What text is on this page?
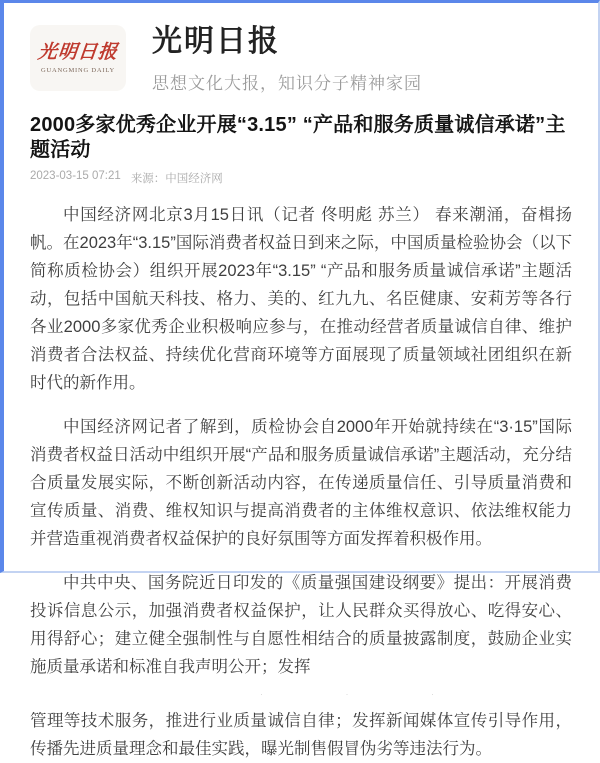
光明日报
GUANGMING DAILY
光明日报
思想文化大报，知识分子精神家园
2000多家优秀企业开展“3.15” “产品和服务质量诚信承诺”主题活动
2023-03-15 07:21 来源：中国经济网

中国经济网北京3月15日讯（记者 佟明彪 苏兰） 春来潮涌，奋楫扬帆。在2023年“3.15”国际消费者权益日到来之际，中国质量检验协会（以下简称质检协会）组织开展2023年“3.15” “产品和服务质量诚信承诺”主题活动，包括中国航天科技、格力、美的、红九九、名臣健康、安莉芳等各行各业2000多家优秀企业积极响应参与，在推动经营者质量诚信自律、维护消费者合法权益、持续优化营商环境等方面展现了质量领域社团组织在新时代的新作用。

中国经济网记者了解到，质检协会自2000年开始就持续在“3·15”国际消费者权益日活动中组织开展“产品和服务质量诚信承诺”主题活动，充分结合质量发展实际，不断创新活动内容，在传递质量信任、引导质量消费和宣传质量、消费、维权知识与提高消费者的主体维权意识、依法维权能力并营造重视消费者权益保护的良好氛围等方面发挥着积极作用。

中共中央、国务院近日印发的《质量强国建设纲要》提出：开展消费投诉信息公示，加强消费者权益保护，让人民群众买得放心、吃得安心、用得舒心；建立健全强制性与自愿性相结合的质量披露制度，鼓励企业实施质量承诺和标准自我声明公开；发挥

· · ·

管理等技术服务，推进行业质量诚信自律；发挥新闻媒体宣传引导作用，传播先进质量理念和最佳实践，曝光制售假冒伪劣等违法行为。
